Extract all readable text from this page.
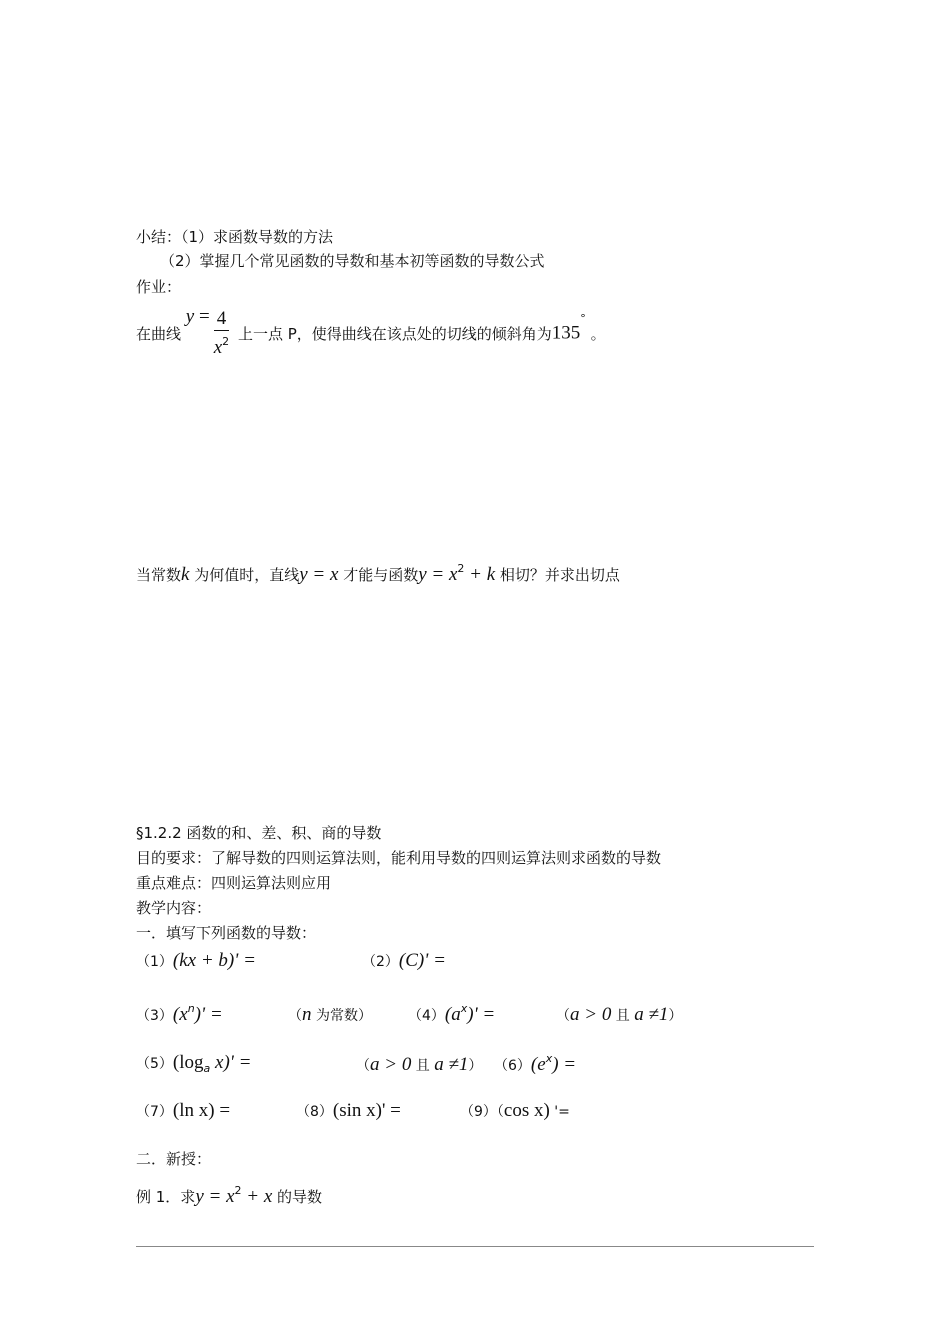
小结：（1）求函数导数的方法
（2）掌握几个常见函数的导数和基本初等函数的导数公式
作业：
在曲线 $y = \frac{4}{x^2}$ 上一点 P，使得曲线在该点处的切线的倾斜角为135° 。
当常数k 为何值时，直线y = x 才能与函数$y = x^2 + k$ 相切？并求出切点
§1.2.2 函数的和、差、积、商的导数
目的要求：了解导数的四则运算法则，能利用导数的四则运算法则求函数的导数
重点难点：四则运算法则应用
教学内容：
一．填写下列函数的导数：
（1）(kx + b)' =	（2）(C)' =
$(3)(x^n)'$ =	（n 为常数）	$(4)(a^x)'$ =	（a > 0 且 a ≠1）
$(5)(\log_a$ x)' =	（a > 0 且 a ≠1） $(6)(e^x)$ =
（7）(ln x) =	（8）(sin x)' =	（9）（cos x) '=
二．新授：
例 1．求$y = x^2 + x$ 的导数
